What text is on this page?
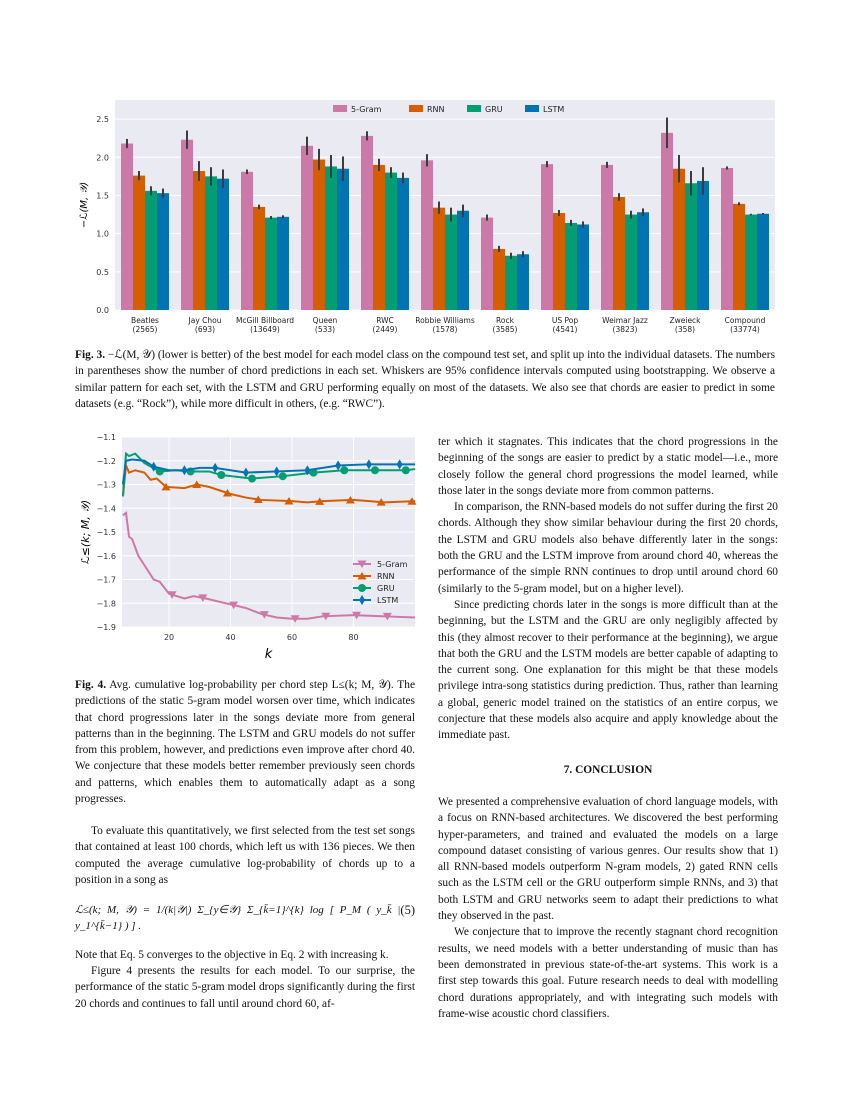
0.0
0.5
1.0
1.5
2.0
2.5
−ℒ(M, 𝒴)
Beatles
(2565)
Jay Chou
(693)
McGill Billboard
(13649)
Queen
(533)
RWC
(2449)
Robbie Williams
(1578)
Rock
(3585)
US Pop
(4541)
Weimar Jazz
(3823)
Zweieck
(358)
Compound
(33774)
5-Gram	RNN	GRU	LSTM
Fig. 3. −ℒ(M, 𝒴) (lower is better) of the best model for each model class on the compound test set, and split up into the individual datasets. The numbers in parentheses show the number of chord predictions in each set. Whiskers are 95% confidence intervals computed using bootstrapping. We observe a similar pattern for each set, with the LSTM and GRU performing equally on most of the datasets. We also see that chords are easier to predict in some datasets (e.g. “Rock”), while more difficult in others, (e.g. “RWC”).
−1.1
−1.2
−1.3
−1.4
−1.5
−1.6
−1.7
−1.8
−1.9
20	40	60	80
k
ℒ≤(k; M, 𝒴)
5-Gram
RNN
GRU
LSTM
Fig. 4. Avg. cumulative log-probability per chord step L≤(k; M, 𝒴). The predictions of the static 5-gram model worsen over time, which indicates that chord progressions later in the songs deviate more from general patterns than in the beginning. The LSTM and GRU models do not suffer from this problem, however, and predictions even improve after chord 40. We conjecture that these models better remember previously seen chords and patterns, which enables them to automatically adapt as a song progresses.

To evaluate this quantitatively, we first selected from the test set songs that contained at least 100 chords, which left us with 136 pieces. We then computed the average cumulative log-probability of chords up to a position in a song as

ℒ≤(k; M, 𝒴) = 1/(k|𝒴|) Σ_{y∈𝒴} Σ_{k̄=1}^{k} log [ P_M ( y_k̄ | y_1^{k̄−1} ) ] .
(5)

Note that Eq. 5 converges to the objective in Eq. 2 with increasing k.

Figure 4 presents the results for each model. To our surprise, the performance of the static 5-gram model drops significantly during the first 20 chords and continues to fall until around chord 60, af-

ter which it stagnates. This indicates that the chord progressions in the beginning of the songs are easier to predict by a static model—i.e., more closely follow the general chord progressions the model learned, while those later in the songs deviate more from common patterns.

In comparison, the RNN-based models do not suffer during the first 20 chords. Although they show similar behaviour during the first 20 chords, the LSTM and GRU models also behave differently later in the songs: both the GRU and the LSTM improve from around chord 40, whereas the performance of the simple RNN continues to drop until around chord 60 (similarly to the 5-gram model, but on a higher level).

Since predicting chords later in the songs is more difficult than at the beginning, but the LSTM and the GRU are only negligibly affected by this (they almost recover to their performance at the beginning), we argue that both the GRU and the LSTM models are better capable of adapting to the current song. One explanation for this might be that these models privilege intra-song statistics during prediction. Thus, rather than learning a global, generic model trained on the statistics of an entire corpus, we conjecture that these models also acquire and apply knowledge about the immediate past.

7. CONCLUSION

We presented a comprehensive evaluation of chord language models, with a focus on RNN-based architectures. We discovered the best performing hyper-parameters, and trained and evaluated the models on a large compound dataset consisting of various genres. Our results show that 1) all RNN-based models outperform N-gram models, 2) gated RNN cells such as the LSTM cell or the GRU outperform simple RNNs, and 3) that both LSTM and GRU networks seem to adapt their predictions to what they observed in the past.

We conjecture that to improve the recently stagnant chord recognition results, we need models with a better understanding of music than has been demonstrated in previous state-of-the-art systems. This work is a first step towards this goal. Future research needs to deal with modelling chord durations appropriately, and with integrating such models with frame-wise acoustic chord classifiers.
